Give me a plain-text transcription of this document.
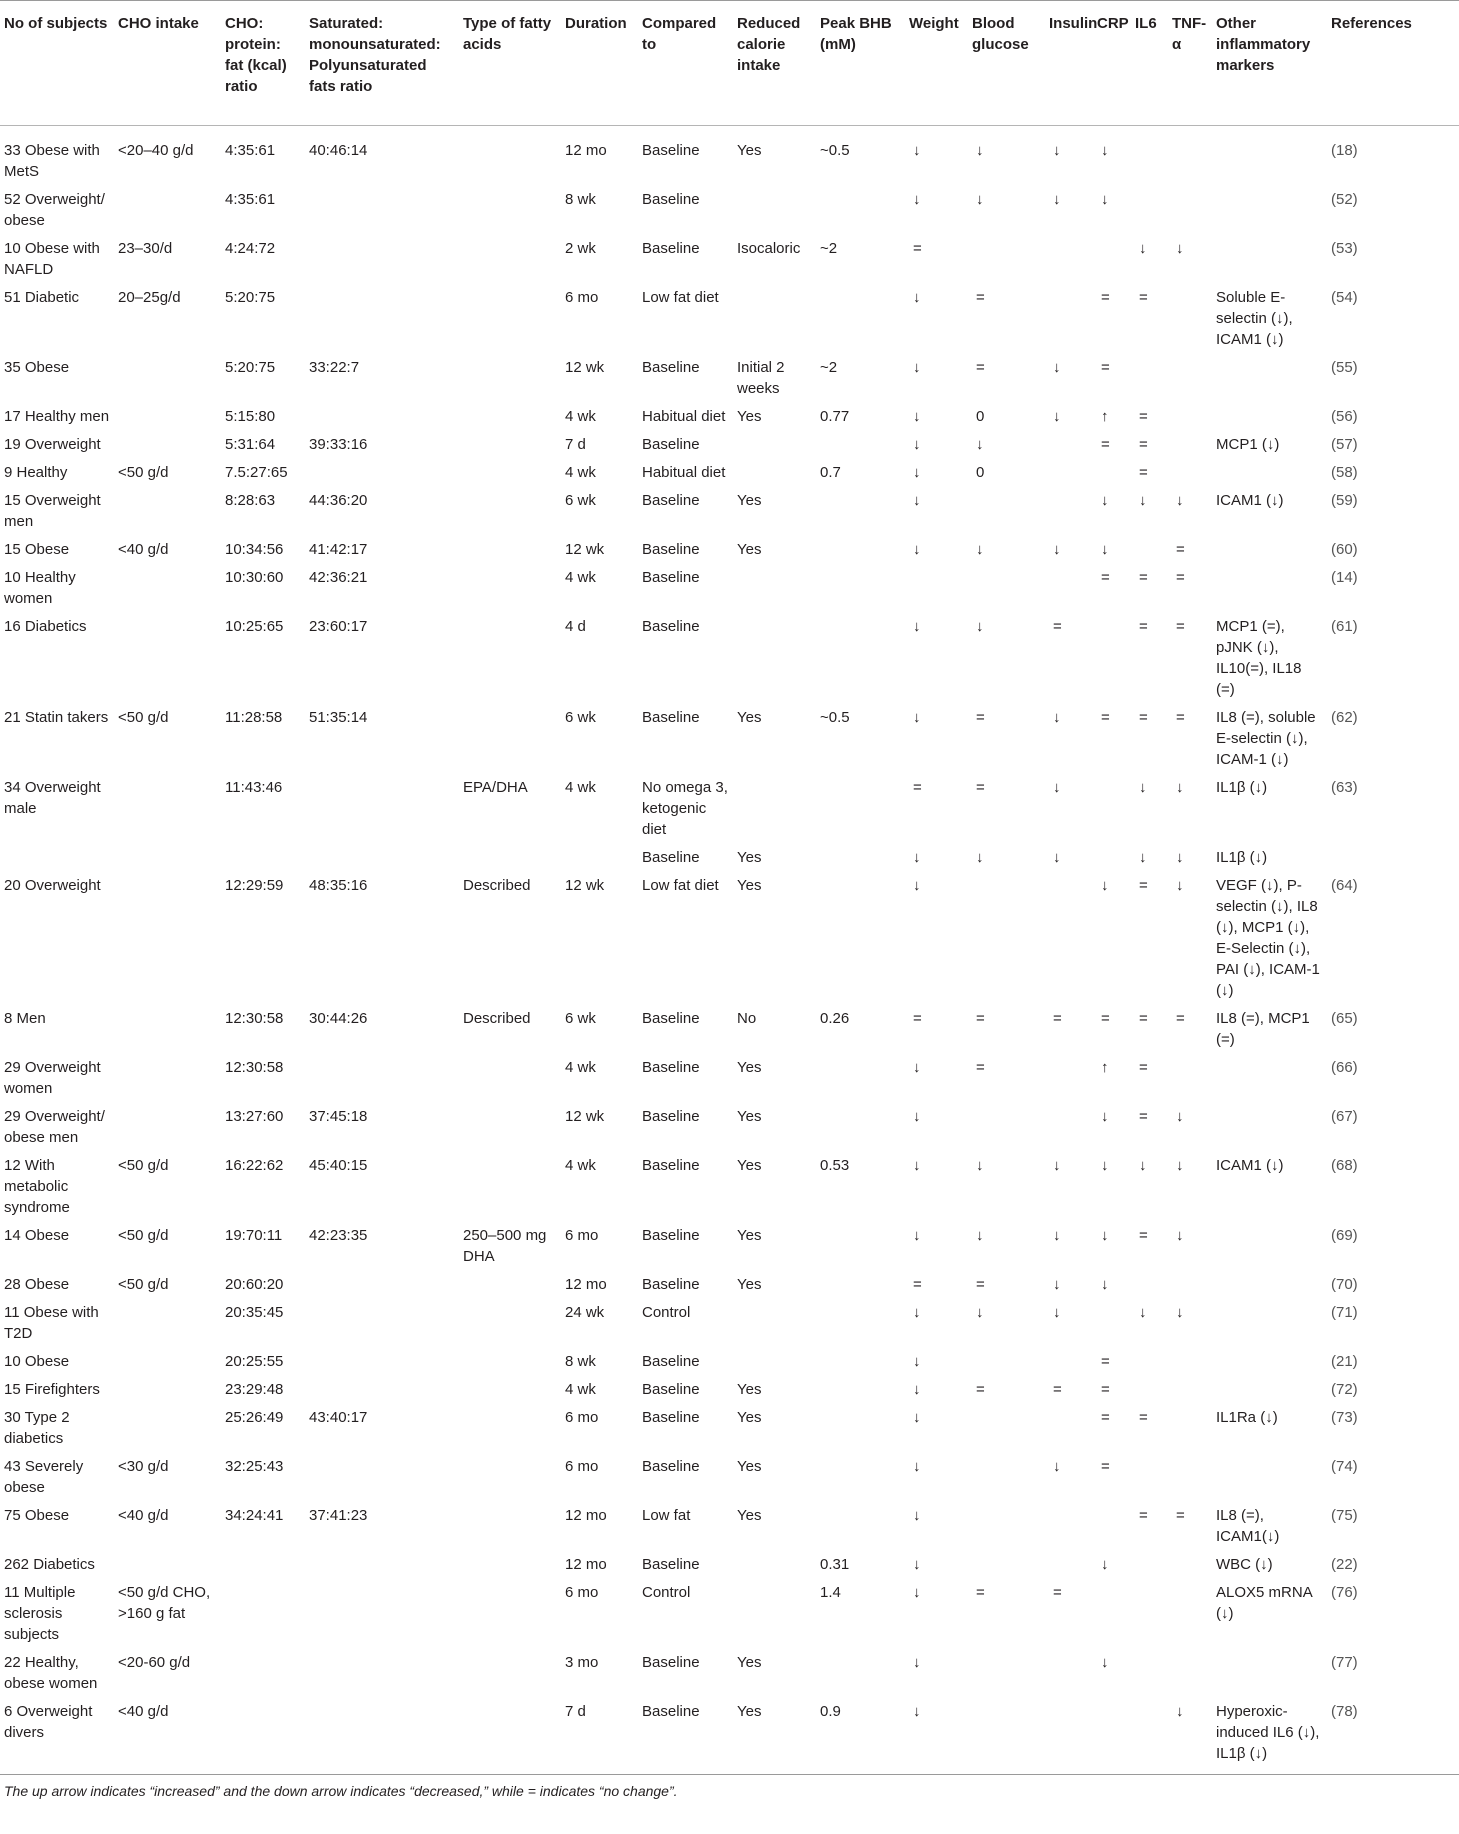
No of subjects	CHO intake	CHO: protein: fat (kcal) ratio	Saturated: monounsaturated: Polyunsaturated fats ratio	Type of fatty acids	Duration	Compared to	Reduced calorie intake	Peak BHB (mM)	Weight	Blood glucose	Insulin	CRP	IL6	TNF-α	Other inflammatory markers	References
33 Obese with MetS	<20–40 g/d	4:35:61	40:46:14		12 mo	Baseline	Yes	~0.5	↓	↓	↓	↓				(18)
52 Overweight/ obese		4:35:61			8 wk	Baseline			↓	↓	↓	↓				(52)
10 Obese with NAFLD	23–30/d	4:24:72			2 wk	Baseline	Isocaloric	~2	=				↓	↓		(53)
51 Diabetic	20–25g/d	5:20:75			6 mo	Low fat diet			↓	=		=	=		Soluble E-selectin (↓), ICAM1 (↓)	(54)
35 Obese		5:20:75	33:22:7		12 wk	Baseline	Initial 2 weeks	~2	↓	=	↓	=				(55)
17 Healthy men		5:15:80			4 wk	Habitual diet	Yes	0.77	↓	0	↓	↑	=			(56)
19 Overweight		5:31:64	39:33:16		7 d	Baseline			↓	↓		=	=		MCP1 (↓)	(57)
9 Healthy	<50 g/d	7.5:27:65			4 wk	Habitual diet		0.7	↓	0			=			(58)
15 Overweight men		8:28:63	44:36:20		6 wk	Baseline	Yes		↓			↓	↓	↓	ICAM1 (↓)	(59)
15 Obese	<40 g/d	10:34:56	41:42:17		12 wk	Baseline	Yes		↓	↓	↓	↓		=		(60)
10 Healthy women		10:30:60	42:36:21		4 wk	Baseline						=	=	=		(14)
16 Diabetics		10:25:65	23:60:17		4 d	Baseline			↓	↓	=		=	=	MCP1 (=), pJNK (↓), IL10(=), IL18 (=)	(61)
21 Statin takers	<50 g/d	11:28:58	51:35:14		6 wk	Baseline	Yes	~0.5	↓	=	↓	=	=	=	IL8 (=), soluble E-selectin (↓), ICAM-1 (↓)	(62)
34 Overweight male		11:43:46		EPA/DHA	4 wk	No omega 3, ketogenic diet			=	=	↓		↓	↓	IL1β (↓)	(63)
						Baseline	Yes		↓	↓	↓		↓	↓	IL1β (↓)	
20 Overweight		12:29:59	48:35:16	Described	12 wk	Low fat diet	Yes		↓			↓	=	↓	VEGF (↓), P-selectin (↓), IL8 (↓), MCP1 (↓), E-Selectin (↓), PAI (↓), ICAM-1 (↓)	(64)
8 Men		12:30:58	30:44:26	Described	6 wk	Baseline	No	0.26	=	=	=	=	=	=	IL8 (=), MCP1 (=)	(65)
29 Overweight women		12:30:58			4 wk	Baseline	Yes		↓	=		↑	=			(66)
29 Overweight/ obese men		13:27:60	37:45:18		12 wk	Baseline	Yes		↓			↓	=	↓		(67)
12 With metabolic syndrome	<50 g/d	16:22:62	45:40:15		4 wk	Baseline	Yes	0.53	↓	↓	↓	↓	↓	↓	ICAM1 (↓)	(68)
14 Obese	<50 g/d	19:70:11	42:23:35	250–500 mg DHA	6 mo	Baseline	Yes		↓	↓	↓	↓	=	↓		(69)
28 Obese	<50 g/d	20:60:20			12 mo	Baseline	Yes		=	=	↓	↓				(70)
11 Obese with T2D		20:35:45			24 wk	Control			↓	↓	↓		↓	↓		(71)
10 Obese		20:25:55			8 wk	Baseline			↓			=				(21)
15 Firefighters		23:29:48			4 wk	Baseline	Yes		↓	=	=	=				(72)
30 Type 2 diabetics		25:26:49	43:40:17		6 mo	Baseline	Yes		↓			=	=		IL1Ra (↓)	(73)
43 Severely obese	<30 g/d	32:25:43			6 mo	Baseline	Yes		↓		↓	=				(74)
75 Obese	<40 g/d	34:24:41	37:41:23		12 mo	Low fat	Yes		↓				=	=	IL8 (=), ICAM1(↓)	(75)
262 Diabetics					12 mo	Baseline		0.31	↓			↓			WBC (↓)	(22)
11 Multiple sclerosis subjects	<50 g/d CHO, >160 g fat				6 mo	Control		1.4	↓	=	=				ALOX5 mRNA (↓)	(76)
22 Healthy, obese women	<20-60 g/d				3 mo	Baseline	Yes		↓			↓				(77)
6 Overweight divers	<40 g/d				7 d	Baseline	Yes	0.9	↓					↓	Hyperoxic-induced IL6 (↓), IL1β (↓)	(78)
The up arrow indicates “increased” and the down arrow indicates “decreased,” while = indicates “no change”.
